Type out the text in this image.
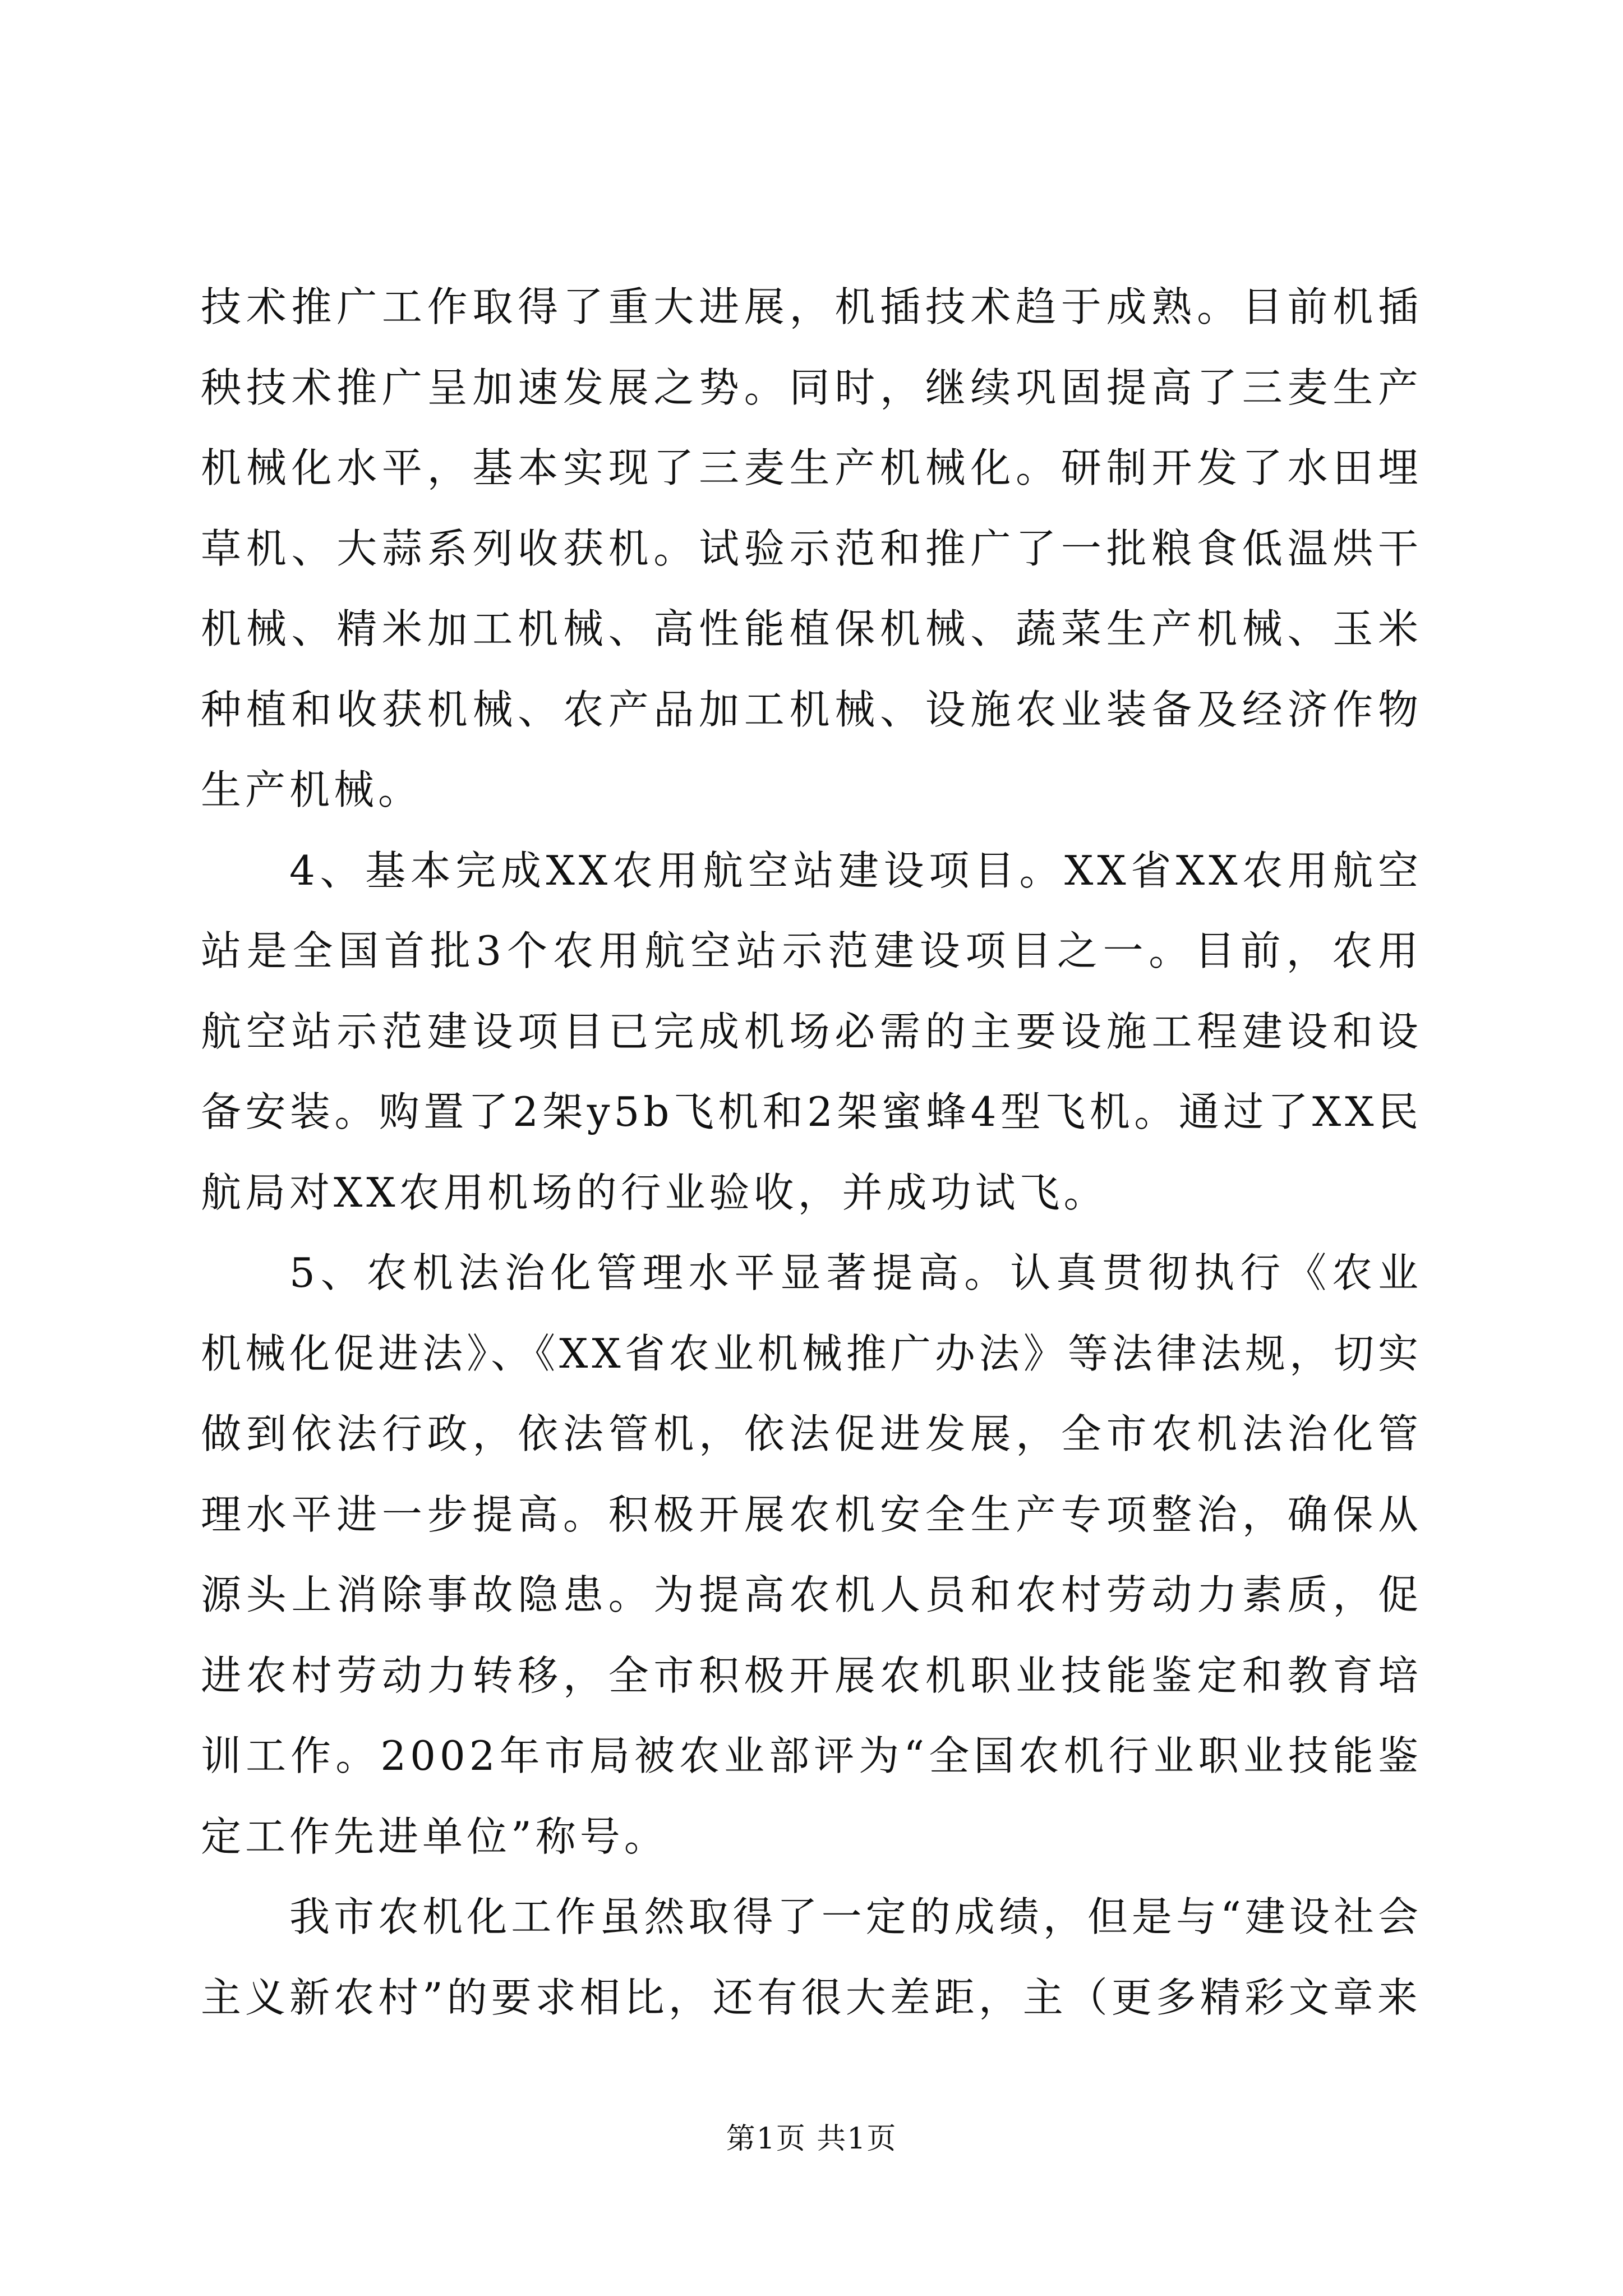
技术推广工作取得了重大进展，机插技术趋于成熟。目前机插秧技术推广呈加速发展之势。同时，继续巩固提高了三麦生产机械化水平，基本实现了三麦生产机械化。研制开发了水田埋草机、大蒜系列收获机。试验示范和推广了一批粮食低温烘干机械、精米加工机械、高性能植保机械、蔬菜生产机械、玉米种植和收获机械、农产品加工机械、设施农业装备及经济作物生产机械。

4、基本完成XX农用航空站建设项目。XX省XX农用航空站是全国首批3个农用航空站示范建设项目之一。目前，农用航空站示范建设项目已完成机场必需的主要设施工程建设和设备安装。购置了2架y5b飞机和2架蜜蜂4型飞机。通过了XX民航局对XX农用机场的行业验收，并成功试飞。

5、农机法治化管理水平显著提高。认真贯彻执行《农业机械化促进法》、《XX省农业机械推广办法》等法律法规，切实做到依法行政，依法管机，依法促进发展，全市农机法治化管理水平进一步提高。积极开展农机安全生产专项整治，确保从源头上消除事故隐患。为提高农机人员和农村劳动力素质，促进农村劳动力转移，全市积极开展农机职业技能鉴定和教育培训工作。2002年市局被农业部评为“全国农机行业职业技能鉴定工作先进单位”称号。

我市农机化工作虽然取得了一定的成绩，但是与“建设社会主义新农村”的要求相比，还有很大差距，主（更多精彩文章来

第1页 共1页
